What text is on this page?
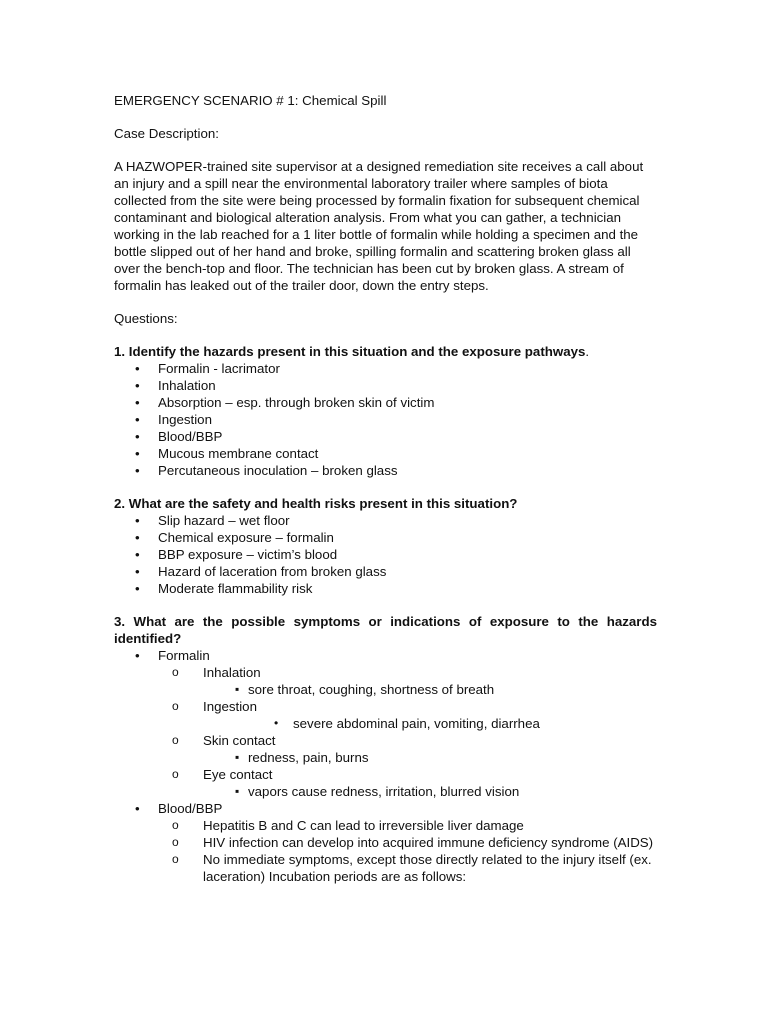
EMERGENCY SCENARIO # 1: Chemical Spill

Case Description:

A HAZWOPER-trained site supervisor at a designed remediation site receives a call about an injury and a spill near the environmental laboratory trailer where samples of biota collected from the site were being processed by formalin fixation for subsequent chemical contaminant and biological alteration analysis. From what you can gather, a technician working in the lab reached for a 1 liter bottle of formalin while holding a specimen and the bottle slipped out of her hand and broke, spilling formalin and scattering broken glass all over the bench-top and floor. The technician has been cut by broken glass. A stream of formalin has leaked out of the trailer door, down the entry steps.

Questions:

1. Identify the hazards present in this situation and the exposure pathways.

• Formalin - lacrimator
• Inhalation
• Absorption – esp. through broken skin of victim
• Ingestion
• Blood/BBP
• Mucous membrane contact
• Percutaneous inoculation – broken glass

2. What are the safety and health risks present in this situation?

• Slip hazard – wet floor
• Chemical exposure – formalin
• BBP exposure – victim’s blood
• Hazard of laceration from broken glass
• Moderate flammability risk

3. What are the possible symptoms or indications of exposure to the hazards identified?

• Formalin
o Inhalation
▪ sore throat, coughing, shortness of breath
o Ingestion
• severe abdominal pain, vomiting, diarrhea
o Skin contact
▪ redness, pain, burns
o Eye contact
▪ vapors cause redness, irritation, blurred vision
• Blood/BBP
o Hepatitis B and C can lead to irreversible liver damage
o HIV infection can develop into acquired immune deficiency syndrome (AIDS)
o No immediate symptoms, except those directly related to the injury itself (ex. laceration) Incubation periods are as follows:
